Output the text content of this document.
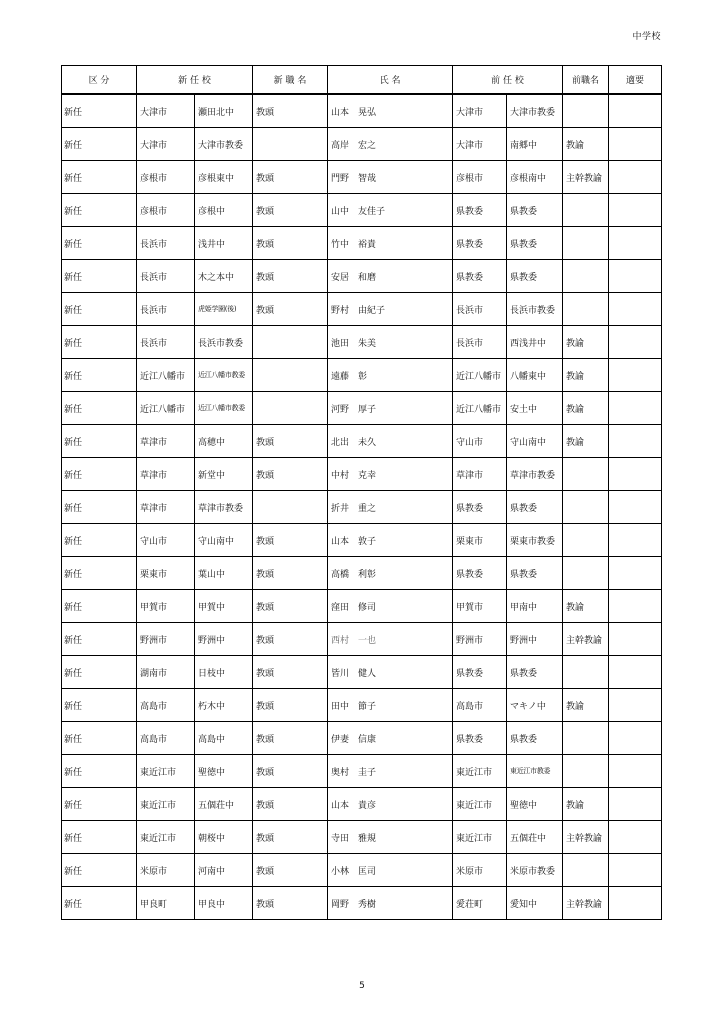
中学校
区 分	新 任 校		新 職 名	氏 名	前 任 校		前職名	適要
新任	大津市	瀬田北中	教頭	山本　晃弘	大津市	大津市教委		
新任	大津市	大津市教委		高岸　宏之	大津市	南郷中	教諭	
新任	彦根市	彦根東中	教頭	門野　智哉	彦根市	彦根南中	主幹教諭	
新任	彦根市	彦根中	教頭	山中　友佳子	県教委	県教委		
新任	長浜市	浅井中	教頭	竹中　裕貴	県教委	県教委		
新任	長浜市	木之本中	教頭	安居　和磨	県教委	県教委		
新任	長浜市	虎姫学園(後)	教頭	野村　由紀子	長浜市	長浜市教委		
新任	長浜市	長浜市教委		池田　朱美	長浜市	西浅井中	教諭	
新任	近江八幡市	近江八幡市教委		遠藤　彰	近江八幡市	八幡東中	教諭	
新任	近江八幡市	近江八幡市教委		河野　厚子	近江八幡市	安土中	教諭	
新任	草津市	高穂中	教頭	北出　未久	守山市	守山南中	教諭	
新任	草津市	新堂中	教頭	中村　克幸	草津市	草津市教委		
新任	草津市	草津市教委		折井　重之	県教委	県教委		
新任	守山市	守山南中	教頭	山本　敦子	栗東市	栗東市教委		
新任	栗東市	葉山中	教頭	高橋　利彰	県教委	県教委		
新任	甲賀市	甲賀中	教頭	窪田　修司	甲賀市	甲南中	教諭	
新任	野洲市	野洲中	教頭	西村　一也	野洲市	野洲中	主幹教諭	
新任	湖南市	日枝中	教頭	皆川　健人	県教委	県教委		
新任	高島市	朽木中	教頭	田中　節子	高島市	マキノ中	教諭	
新任	高島市	高島中	教頭	伊妻　信康	県教委	県教委		
新任	東近江市	聖徳中	教頭	奥村　圭子	東近江市	東近江市教委		
新任	東近江市	五個荘中	教頭	山本　貴彦	東近江市	聖徳中	教諭	
新任	東近江市	朝桜中	教頭	寺田　雅規	東近江市	五個荘中	主幹教諭	
新任	米原市	河南中	教頭	小林　匡司	米原市	米原市教委		
新任	甲良町	甲良中	教頭	岡野　秀樹	愛荘町	愛知中	主幹教諭	
5
